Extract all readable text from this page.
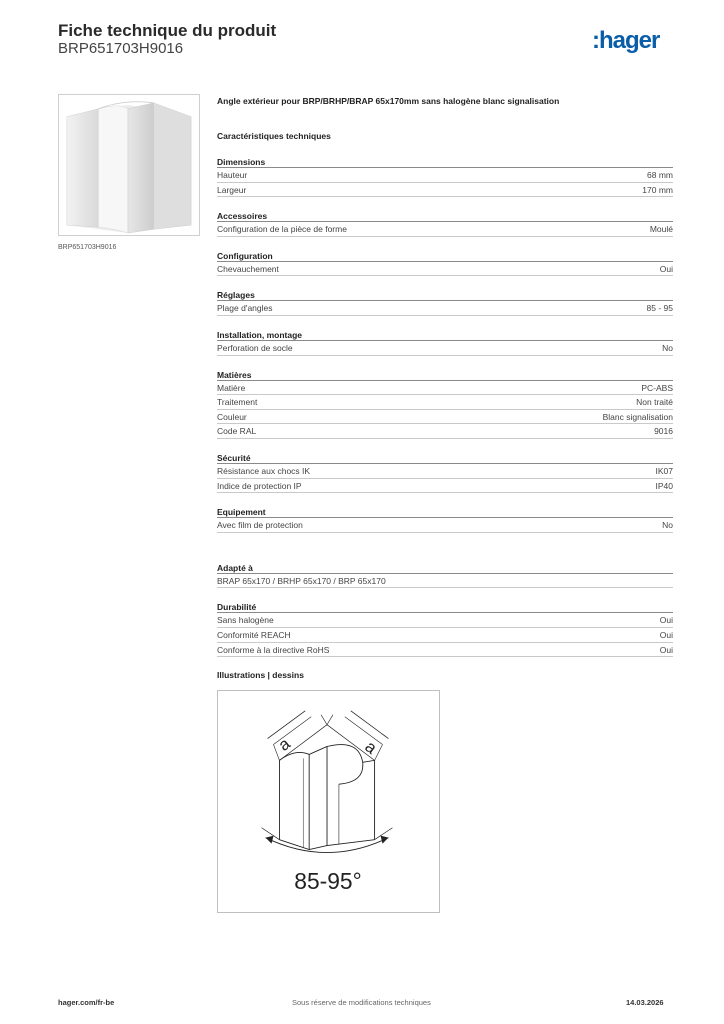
Fiche technique du produit
BRP651703H9016	:hager
BRP651703H9016
Angle extérieur pour BRP/BRHP/BRAP 65x170mm sans halogène blanc signalisation
Caractéristiques techniques
Dimensions
Hauteur	68 mm
Largeur	170 mm
Accessoires
Configuration de la pièce de forme	Moulé
Configuration
Chevauchement	Oui
Réglages
Plage d'angles	85 - 95
Installation, montage
Perforation de socle	No
Matières
Matière	PC-ABS
Traitement	Non traité
Couleur	Blanc signalisation
Code RAL	9016
Sécurité
Résistance aux chocs IK	IK07
Indice de protection IP	IP40
Equipement
Avec film de protection	No
Adapté à
BRAP 65x170 / BRHP 65x170 / BRP 65x170
Durabilité
Sans halogène	Oui
Conformité REACH	Oui
Conforme à la directive RoHS	Oui
Illustrations | dessins
a	a
85-95°
hager.com/fr-be	Sous réserve de modifications techniques	14.03.2026
